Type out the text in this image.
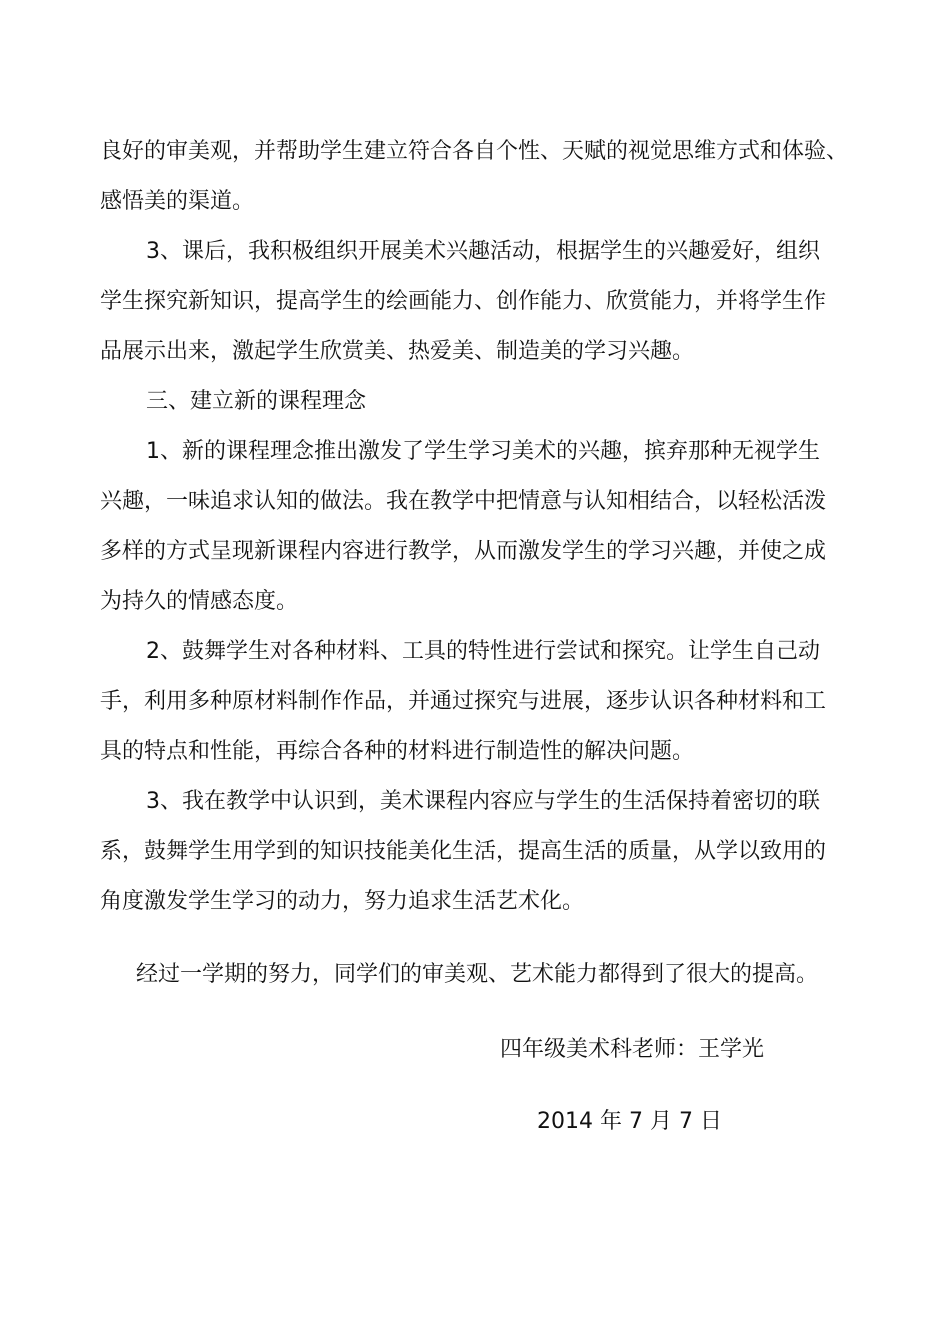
良好的审美观，并帮助学生建立符合各自个性、天赋的视觉思维方式和体验、
感悟美的渠道。
3、课后，我积极组织开展美术兴趣活动，根据学生的兴趣爱好，组织
学生探究新知识，提高学生的绘画能力、创作能力、欣赏能力，并将学生作
品展示出来，激起学生欣赏美、热爱美、制造美的学习兴趣。
三、建立新的课程理念
1、新的课程理念推出激发了学生学习美术的兴趣，摈弃那种无视学生
兴趣，一味追求认知的做法。我在教学中把情意与认知相结合，以轻松活泼
多样的方式呈现新课程内容进行教学，从而激发学生的学习兴趣，并使之成
为持久的情感态度。
2、鼓舞学生对各种材料、工具的特性进行尝试和探究。让学生自己动
手，利用多种原材料制作作品，并通过探究与进展，逐步认识各种材料和工
具的特点和性能，再综合各种的材料进行制造性的解决问题。
3、我在教学中认识到，美术课程内容应与学生的生活保持着密切的联
系，鼓舞学生用学到的知识技能美化生活，提高生活的质量，从学以致用的
角度激发学生学习的动力，努力追求生活艺术化。
经过一学期的努力，同学们的审美观、艺术能力都得到了很大的提高。
四年级美术科老师：王学光
2014 年 7 月 7 日
